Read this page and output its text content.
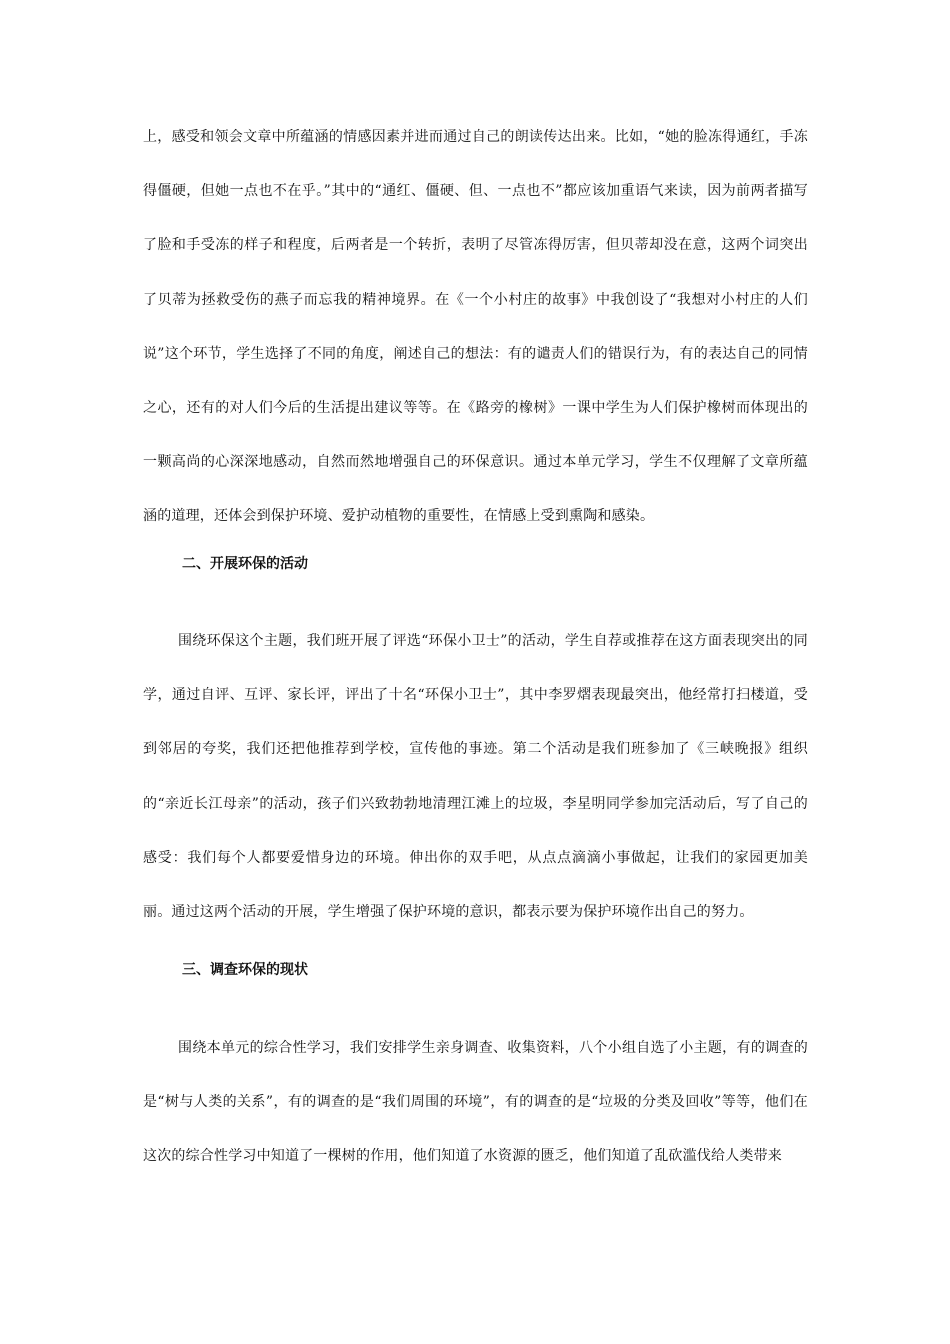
上，感受和领会文章中所蕴涵的情感因素并进而通过自己的朗读传达出来。比如，“她的脸冻得通红，手冻得僵硬，但她一点也不在乎。”其中的“通红、僵硬、但、一点也不”都应该加重语气来读，因为前两者描写了脸和手受冻的样子和程度，后两者是一个转折，表明了尽管冻得厉害，但贝蒂却没在意，这两个词突出了贝蒂为拯救受伤的燕子而忘我的精神境界。在《一个小村庄的故事》中我创设了“我想对小村庄的人们说”这个环节，学生选择了不同的角度，阐述自己的想法：有的谴责人们的错误行为，有的表达自己的同情之心，还有的对人们今后的生活提出建议等等。在《路旁的橡树》一课中学生为人们保护橡树而体现出的一颗高尚的心深深地感动，自然而然地增强自己的环保意识。通过本单元学习，学生不仅理解了文章所蕴涵的道理，还体会到保护环境、爱护动植物的重要性，在情感上受到熏陶和感染。

二、开展环保的活动

围绕环保这个主题，我们班开展了评选“环保小卫士”的活动，学生自荐或推荐在这方面表现突出的同学，通过自评、互评、家长评，评出了十名“环保小卫士”，其中李罗熠表现最突出，他经常打扫楼道，受到邻居的夸奖，我们还把他推荐到学校，宣传他的事迹。第二个活动是我们班参加了《三峡晚报》组织的“亲近长江母亲”的活动，孩子们兴致勃勃地清理江滩上的垃圾，李星明同学参加完活动后，写了自己的感受：我们每个人都要爱惜身边的环境。伸出你的双手吧，从点点滴滴小事做起，让我们的家园更加美丽。通过这两个活动的开展，学生增强了保护环境的意识，都表示要为保护环境作出自己的努力。

三、调查环保的现状

围绕本单元的综合性学习，我们安排学生亲身调查、收集资料，八个小组自选了小主题，有的调查的是“树与人类的关系”，有的调查的是“我们周围的环境”，有的调查的是“垃圾的分类及回收”等等，他们在这次的综合性学习中知道了一棵树的作用，他们知道了水资源的匮乏，他们知道了乱砍滥伐给人类带来
